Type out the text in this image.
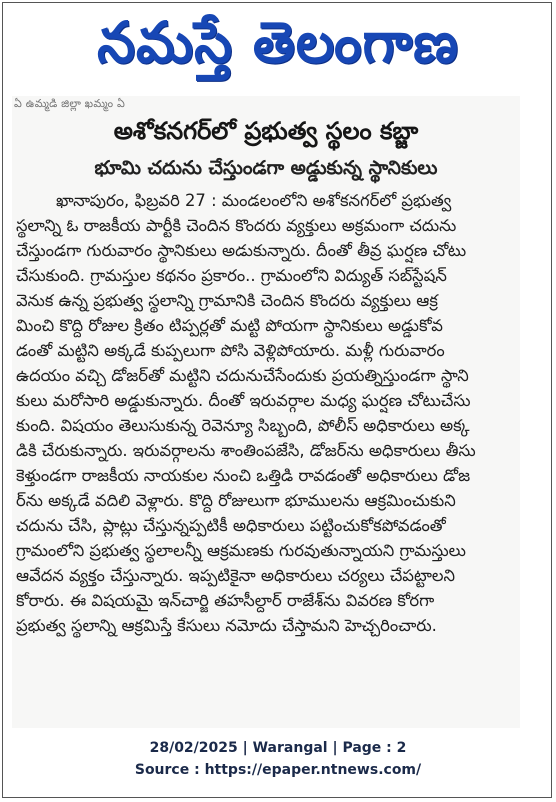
నమస్తే తెలంగాణ
ఏ ఉమ్మడి జిల్లా ఖమ్మం ఏ
అశోకనగర్‌లో ప్రభుత్వ స్థలం కబ్జా
భూమి చదును చేస్తుండగా అడ్డుకున్న స్థానికులు
ఖానాపురం, ఫిబ్రవరి 27 : మండలంలోని అశోకనగర్‌లో ప్రభుత్వ
స్థలాన్ని ఓ రాజకీయ పార్టీకి చెందిన కొందరు వ్యక్తులు అక్రమంగా చదును
చేస్తుండగా గురువారం స్థానికులు అడుకున్నారు. దీంతో తీవ్ర ఘర్షణ చోటు
చేసుకుంది. గ్రామస్తుల కథనం ప్రకారం.. గ్రామంలోని విద్యుత్ సబ్‌స్టేషన్
వెనుక ఉన్న ప్రభుత్వ స్థలాన్ని గ్రామానికి చెందిన కొందరు వ్యక్తులు ఆక్ర
మించి కొద్ది రోజుల క్రితం టిప్పర్లతో మట్టి పోయగా స్థానికులు అడ్డుకోవ
డంతో మట్టిని అక్కడే కుప్పలుగా పోసి వెళ్లిపోయారు. మళ్లీ గురువారం
ఉదయం వచ్చి డోజర్‌తో మట్టిని చదునుచేసేందుకు ప్రయత్నిస్తుండగా స్థాని
కులు మరోసారి అడ్డుకున్నారు. దీంతో ఇరువర్గాల మధ్య ఘర్షణ చోటుచేసు
కుంది. విషయం తెలుసుకున్న రెవెన్యూ సిబ్బంది, పోలీస్ అధికారులు అక్క
డికి చేరుకున్నారు. ఇరువర్గాలను శాంతింపజేసి, డోజర్‌ను అధికారులు తీసు
కెళ్తుండగా రాజకీయ నాయకుల నుంచి ఒత్తిడి రావడంతో అధికారులు డోజ
ర్‌ను అక్కడే వదిలి వెళ్లారు. కొద్ది రోజులుగా భూములను ఆక్రమించుకుని
చదును చేసి, ప్లాట్లు చేస్తున్నప్పటికీ అధికారులు పట్టించుకోకపోవడంతో
గ్రామంలోని ప్రభుత్వ స్థలాలన్నీ ఆక్రమణకు గురవుతున్నాయని గ్రామస్తులు
ఆవేదన వ్యక్తం చేస్తున్నారు. ఇప్పటికైనా అధికారులు చర్యలు చేపట్టాలని
కోరారు. ఈ విషయమై ఇన్‌చార్జి తహసీల్దార్ రాజేశ్‌ను వివరణ కోరగా
ప్రభుత్వ స్థలాన్ని ఆక్రమిస్తే కేసులు నమోదు చేస్తామని హెచ్చరించారు.
28/02/2025 | Warangal | Page : 2
Source : https://epaper.ntnews.com/
